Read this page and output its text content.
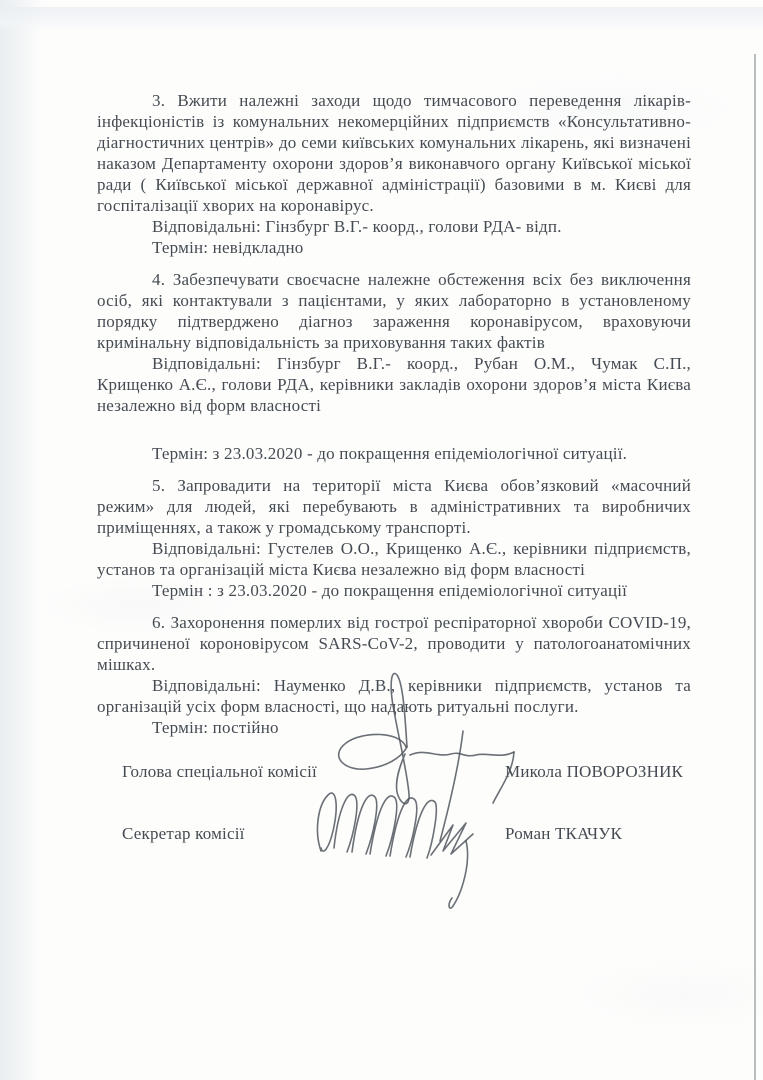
3. Вжити належні заходи щодо тимчасового переведення лікарів-інфекціоністів із комунальних некомерційних підприємств «Консультативно-діагностичних центрів» до семи київських комунальних лікарень, які визначені наказом Департаменту охорони здоров’я виконавчого органу Київської міської ради ( Київської міської державної адміністрації) базовими в м. Києві для госпіталізації хворих на коронавірус.

Відповідальні: Гінзбург В.Г.- коорд., голови РДА- відп.

Термін: невідкладно

4. Забезпечувати своєчасне належне обстеження всіх без виключення осіб, які контактували з пацієнтами, у яких лабораторно в установленому порядку підтверджено діагноз зараження коронавірусом, враховуючи кримінальну відповідальність за приховування таких фактів

Відповідальні: Гінзбург В.Г.- коорд., Рубан О.М., Чумак С.П., Крищенко А.Є., голови РДА, керівники закладів охорони здоров’я міста Києва незалежно від форм власності

Термін: з 23.03.2020 - до покращення епідеміологічної ситуації.

5. Запровадити на території міста Києва обов’язковий «масочний режим» для людей, які перебувають в адміністративних та виробничих приміщеннях, а також у громадському транспорті.

Відповідальні: Густелев О.О., Крищенко А.Є., керівники підприємств, установ та організацій міста Києва незалежно від форм власності

Термін : з 23.03.2020 - до покращення епідеміологічної ситуації

6. Захоронення померлих від гострої респіраторної хвороби COVID-19, спричиненої короновірусом SARS-CoV-2, проводити у патологоанатомічних мішках.

Відповідальні: Науменко Д.В., керівники підприємств, установ та організацій усіх форм власності, що надають ритуальні послуги.

Термін: постійно

Голова спеціальної комісії	Микола ПОВОРОЗНИК
Секретар комісії	Роман ТКАЧУК
